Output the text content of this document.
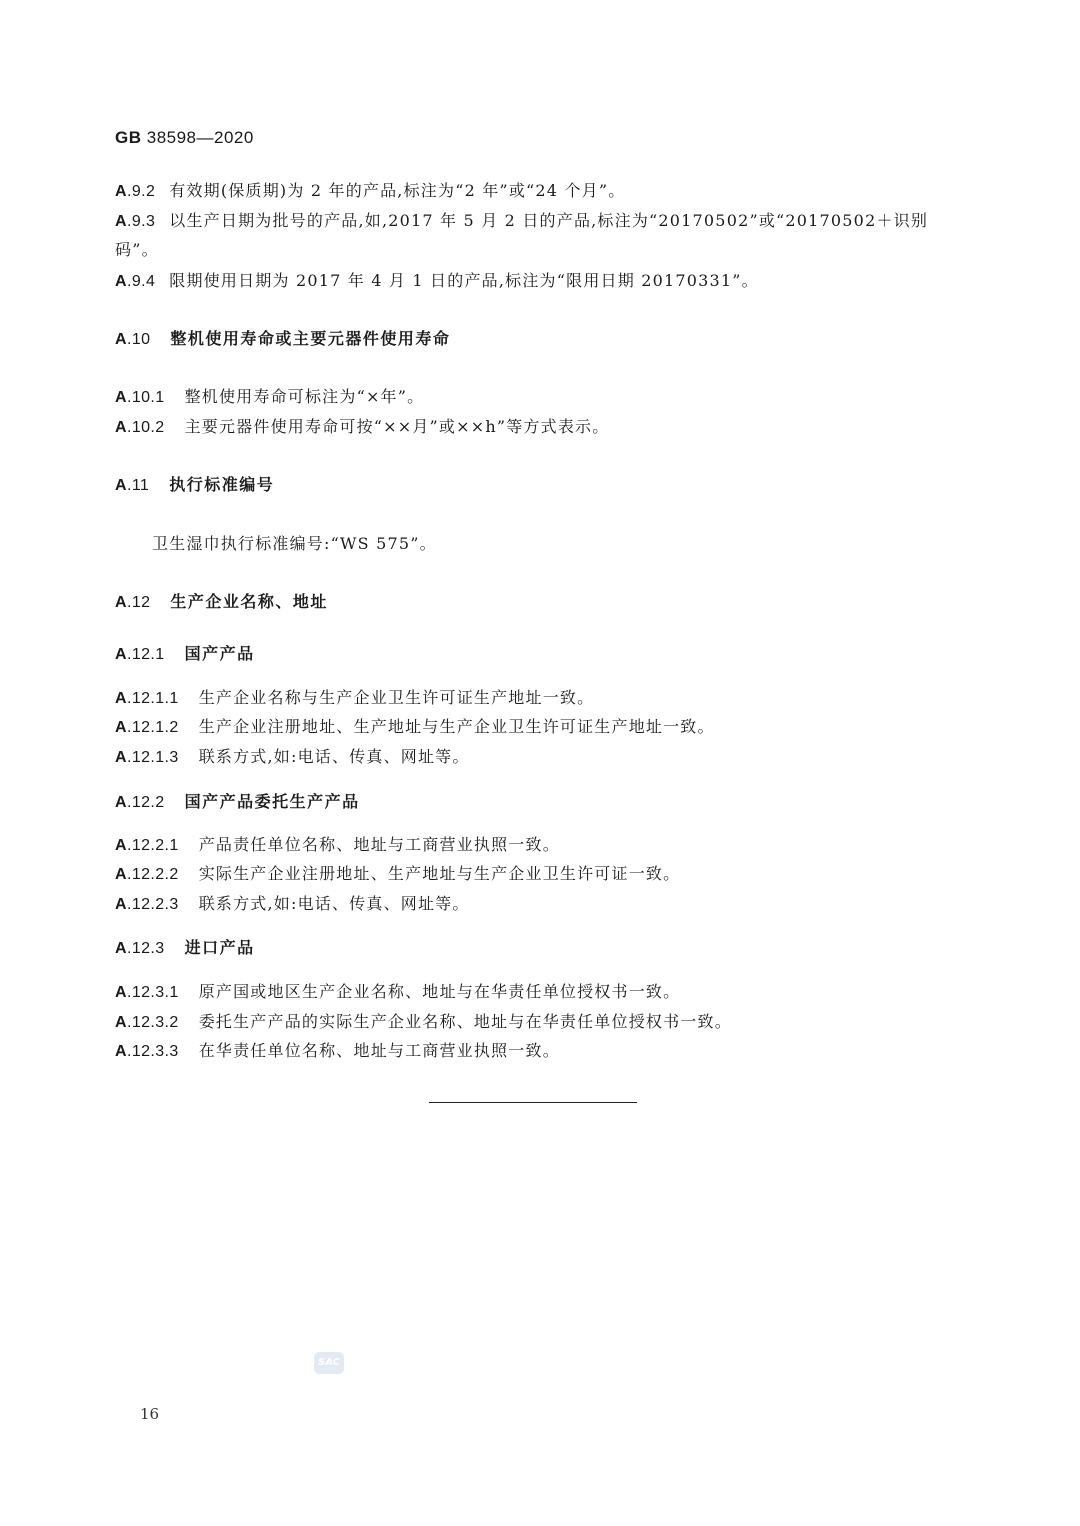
GB 38598—2020
A.9.2 有效期(保质期)为 2 年的产品,标注为“2 年”或“24 个月”。
A.9.3 以生产日期为批号的产品,如,2017 年 5 月 2 日的产品,标注为“20170502”或“20170502＋识别
码”。
A.9.4 限期使用日期为 2017 年 4 月 1 日的产品,标注为“限用日期 20170331”。
A.10 整机使用寿命或主要元器件使用寿命
A.10.1 整机使用寿命可标注为“×年”。
A.10.2 主要元器件使用寿命可按“××月”或××h”等方式表示。
A.11 执行标准编号
卫生湿巾执行标准编号:“WS 575”。
A.12 生产企业名称、地址
A.12.1 国产产品
A.12.1.1 生产企业名称与生产企业卫生许可证生产地址一致。
A.12.1.2 生产企业注册地址、生产地址与生产企业卫生许可证生产地址一致。
A.12.1.3 联系方式,如:电话、传真、网址等。
A.12.2 国产产品委托生产产品
A.12.2.1 产品责任单位名称、地址与工商营业执照一致。
A.12.2.2 实际生产企业注册地址、生产地址与生产企业卫生许可证一致。
A.12.2.3 联系方式,如:电话、传真、网址等。
A.12.3 进口产品
A.12.3.1 原产国或地区生产企业名称、地址与在华责任单位授权书一致。
A.12.3.2 委托生产产品的实际生产企业名称、地址与在华责任单位授权书一致。
A.12.3.3 在华责任单位名称、地址与工商营业执照一致。
SAC
16
